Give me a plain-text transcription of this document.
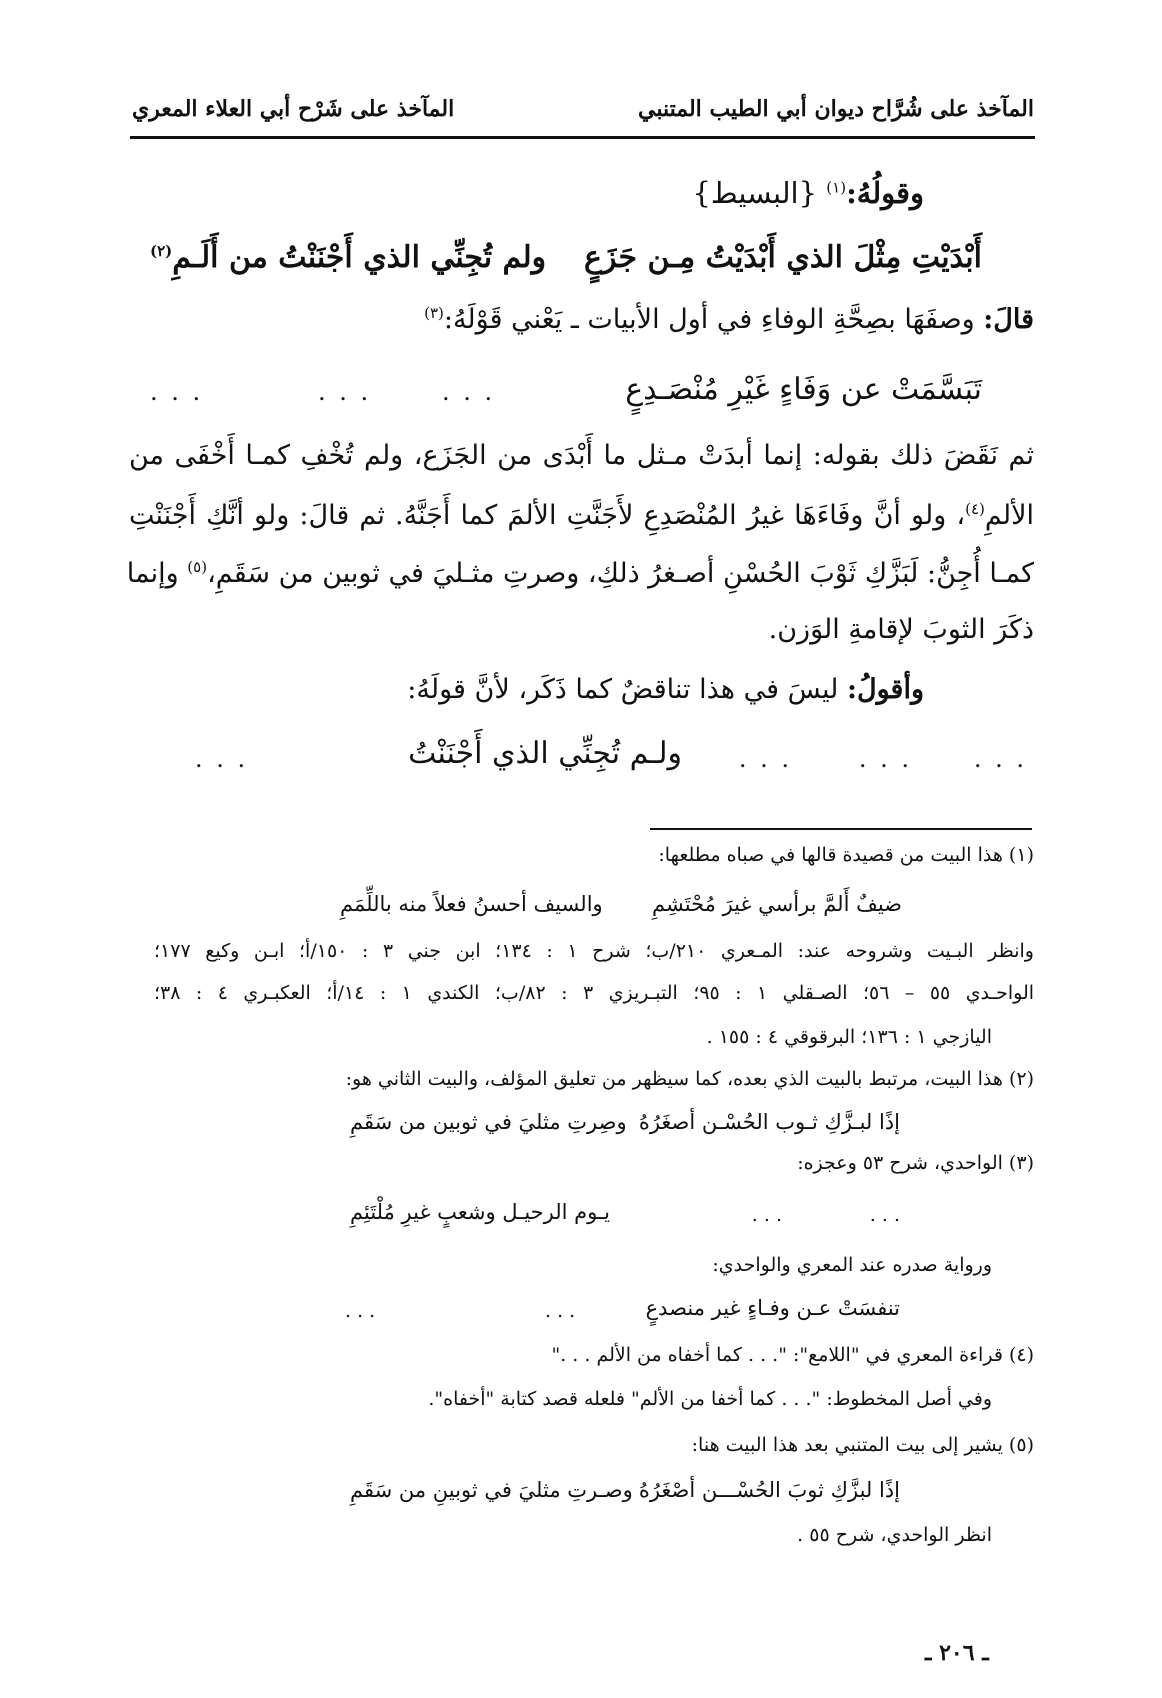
المآخذ على شُرَّاح ديوان أبي الطيب المتنبي
المآخذ على شَرْح أبي العلاء المعري
وقولُهُ:$^{(١)}$ {البسيط}
أَبْدَيْتِ مِثْلَ الذي أَبْدَيْتُ مِـن جَزَعٍ
ولم تُجِنِّي الذي أَجْنَنْتُ من أَلَـمِ$^{(٢)}$
قالَ: وصفَهَا بصِحَّةِ الوفاءِ في أول الأبيات ـ يَعْني قَوْلَهُ:$^{(٣)}$
تَبَسَّمَتْ عن وَفَاءٍ غَيْرِ مُنْصَـدِعٍ
. . .
. . .
. . .
ثم نَقَضَ ذلك بقوله: إنما أبدَتْ مـثل ما أَبْدَى من الجَزَع، ولم تُخْفِ كمـا أَخْفَى من
الألمِ$^{(٤)}$، ولو أنَّ وفَاءَهَا غيرُ المُنْصَدِعِ لأَجَنَّتِ الألمَ كما أَجَنَّهُ. ثم قالَ: ولو أنَّكِ أَجْنَنْتِ
كمـا أُجِنُّ: لَبَزَّكِ ثَوْبَ الحُسْنِ أصـغرُ ذلكِ، وصرتِ مثـليَ في ثوبين من سَقَمِ،$^{(٥)}$ وإنما
ذكَرَ الثوبَ لإقامةِ الوَزن.
وأقولُ: ليسَ في هذا تناقضٌ كما ذَكَر، لأنَّ قولَهُ:
. . .
. . .
. . .
ولـم تُجِنِّي الذي أَجْنَنْتُ
. . .
(١) هذا البيت من قصيدة قالها في صباه مطلعها:
ضيفٌ أَلمَّ برأسي غيرَ مُحْتَشِمِ
والسيف أحسنُ فعلاً منه باللِّمَمِ
وانظر البـيت وشروحه عند: المـعري ٢١٠/ب؛ شرح ١ : ١٣٤؛ ابن جني ٣ : ١٥٠/أ؛ ابـن وكيع ١٧٧؛
الواحـدي ٥٥ – ٥٦؛ الصـقلي ١ : ٩٥؛ التبـريزي ٣ : ٨٢/ب؛ الكندي ١ : ١٤/أ؛ العكبـري ٤ : ٣٨؛
اليازجي ١ : ١٣٦؛ البرقوقي ٤ : ١٥٥ .
(٢) هذا البيت، مرتبط بالبيت الذي بعده، كما سيظهر من تعليق المؤلف، والبيت الثاني هو:
إذًا لبـزَّكِ ثـوب الحُسْـن أصغَرُهُ
وصِرتِ مثليَ في ثوبين من سَقَمِ
(٣) الواحدي، شرح ٥٣ وعجزه:
. . .
. . .
يـوم الرحيـل وشعبٍ غيرِ مُلْتَئِمِ
ورواية صدره عند المعري والواحدي:
تنفسَتْ عـن وفـاءٍ غير منصدعٍ
. . .
. . .
(٤) قراءة المعري في "اللامع": ". . . كما أخفاه من الألم . . ."
وفي أصل المخطوط: ". . . كما أخفا من الألم" فلعله قصد كتابة "أخفاه".
(٥) يشير إلى بيت المتنبي بعد هذا البيت هنا:
إذًا لبزَّكِ ثوبَ الحُسْـــن أصْغَرُهُ
وصـرتِ مثليَ في ثوبينِ من سَقَمِ
انظر الواحدي، شرح ٥٥ .
ـ ٢٠٦ ـ
